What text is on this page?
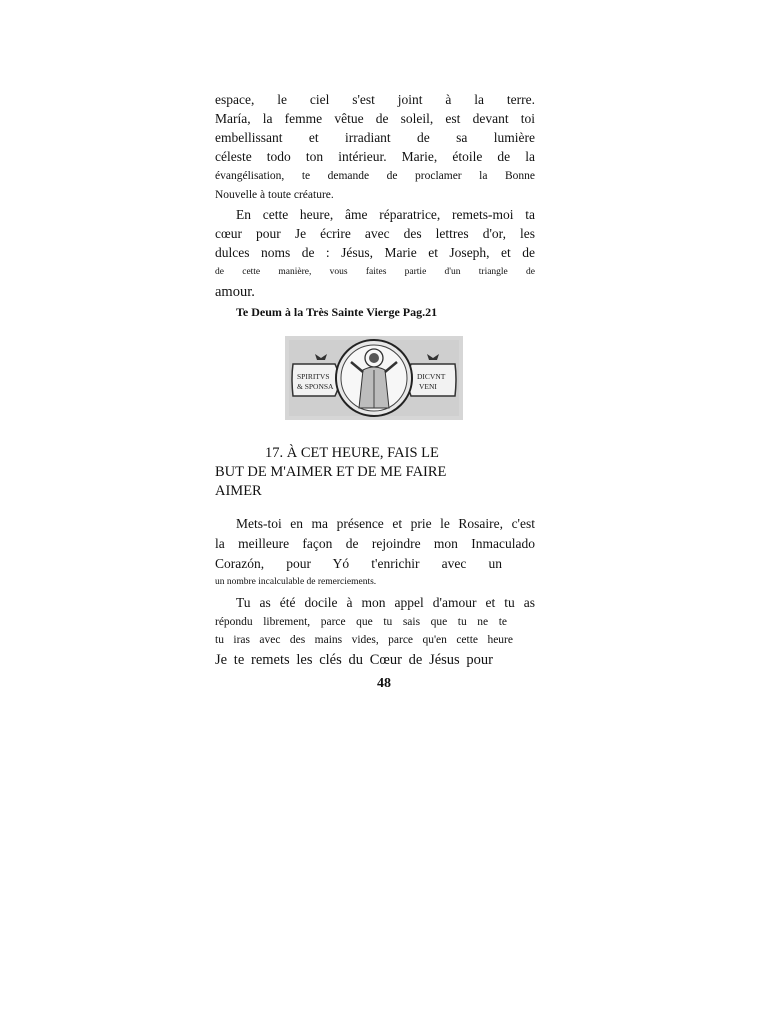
espace, le ciel s'est joint à la terre.
María, la femme vêtue de soleil, est devant toi
embellissant et irradiant de sa lumière
céleste todo ton intérieur. Marie, étoile de la
évangélisation, te demande de proclamer la Bonne
Nouvelle à toute créature.
En cette heure, âme réparatrice, remets-moi ta
cœur pour Je écrire avec des lettres d'or, les
dulces noms de : Jésus, Marie et Joseph, et de
de cette manière, vous faites partie d'un triangle de
amour.
Te Deum à la Très Sainte Vierge Pag.21
SPIRITVS
& SPONSA
DICVNT
VENI
17. À CET HEURE, FAIS LE
BUT DE M'AIMER ET DE ME FAIRE
AIMER
Mets-toi en ma présence et prie le Rosaire, c'est
la meilleure façon de rejoindre mon Inmaculado
Corazón, pour Yó t'enrichir avec un
un nombre incalculable de remerciements.
Tu as été docile à mon appel d'amour et tu as
répondu librement, parce que tu sais que tu ne te
tu iras avec des mains vides, parce qu'en cette heure
Je te remets les clés du Cœur de Jésus pour
48
